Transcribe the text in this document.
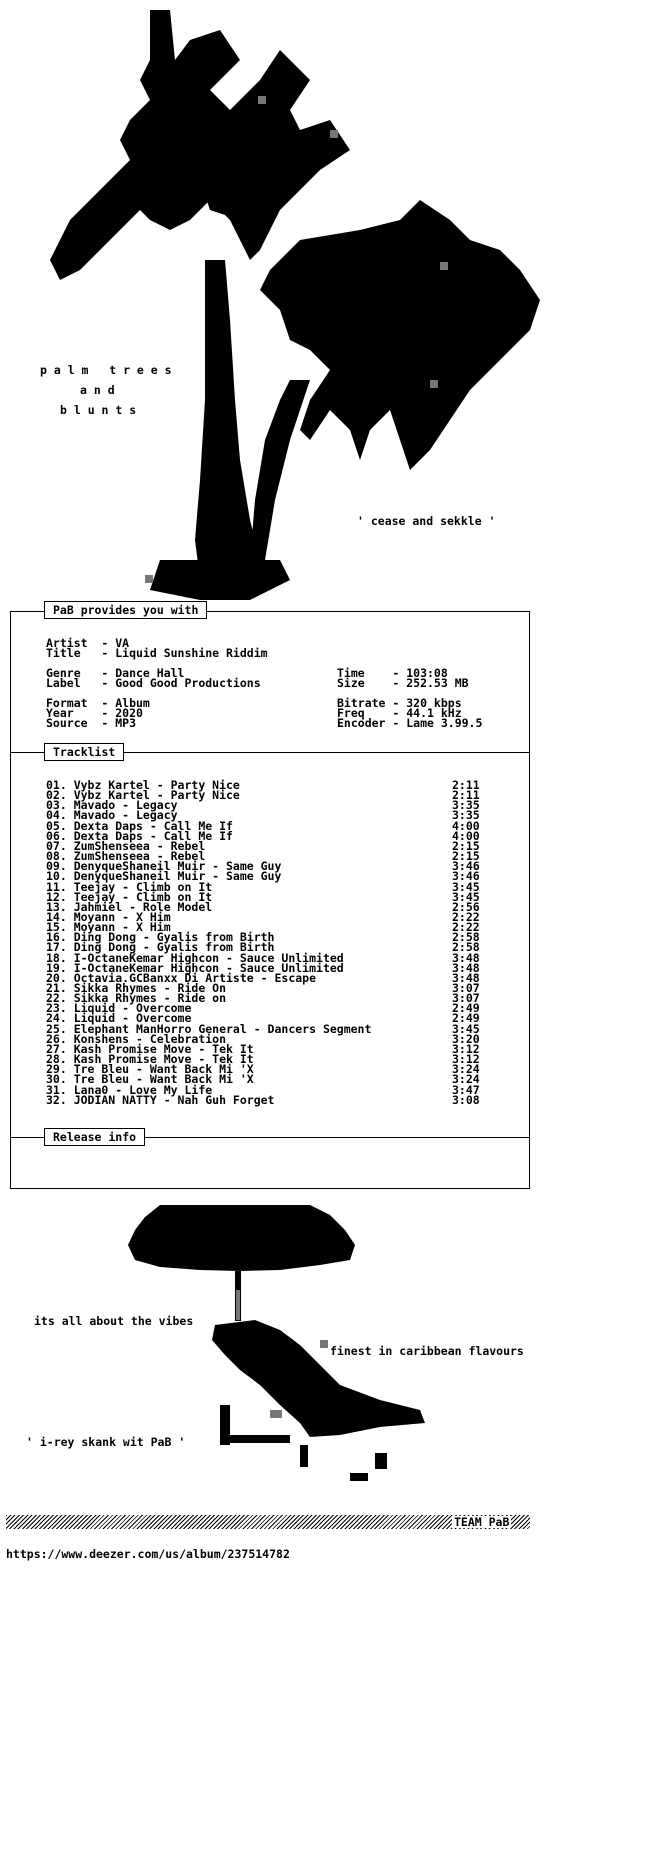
p a l m   t r e e s
a n d
b l u n t s
' cease and sekkle '
PaB provides you with
Artist  - VA
Title   - Liquid Sunshine Riddim
Genre   - Dance Hall
Label   - Good Good Productions
Time    - 103:08
Size    - 252.53 MB
Format  - Album
Year    - 2020
Source  - MP3
Bitrate - 320 kbps
Freq    - 44.1 kHz
Encoder - Lame 3.99.5
Tracklist
01. Vybz Kartel - Party Nice	2:11
02. Vybz Kartel - Party Nice	2:11
03. Mavado - Legacy	3:35
04. Mavado - Legacy	3:35
05. Dexta Daps - Call Me If	4:00
06. Dexta Daps - Call Me If	4:00
07. ZumShenseea - Rebel	2:15
08. ZumShenseea - Rebel	2:15
09. DenyqueShaneil Muir - Same Guy	3:46
10. DenyqueShaneil Muir - Same Guy	3:46
11. Teejay - Climb on It	3:45
12. Teejay - Climb on It	3:45
13. Jahmiel - Role Model	2:56
14. Moyann - X Him	2:22
15. Moyann - X Him	2:22
16. Ding Dong - Gyalis from Birth	2:58
17. Ding Dong - Gyalis from Birth	2:58
18. I-OctaneKemar Highcon - Sauce Unlimited	3:48
19. I-OctaneKemar Highcon - Sauce Unlimited	3:48
20. Octavia.GCBanxx Di Artiste - Escape	3:48
21. Sikka Rhymes - Ride On	3:07
22. Sikka Rhymes - Ride on	3:07
23. Liquid - Overcome	2:49
24. Liquid - Overcome	2:49
25. Elephant ManHorro General - Dancers Segment	3:45
26. Konshens - Celebration	3:20
27. Kash Promise Move - Tek It	3:12
28. Kash Promise Move - Tek It	3:12
29. Tre Bleu - Want Back Mi 'X	3:24
30. Tre Bleu - Want Back Mi 'X	3:24
31. Lana0 - Love My Life	3:47
32. JODIAN NATTY - Nah Guh Forget	3:08
Release info
its all about the vibes
finest in caribbean flavours
' i-rey skank wit PaB '
TEAM PaB
https://www.deezer.com/us/album/237514782
